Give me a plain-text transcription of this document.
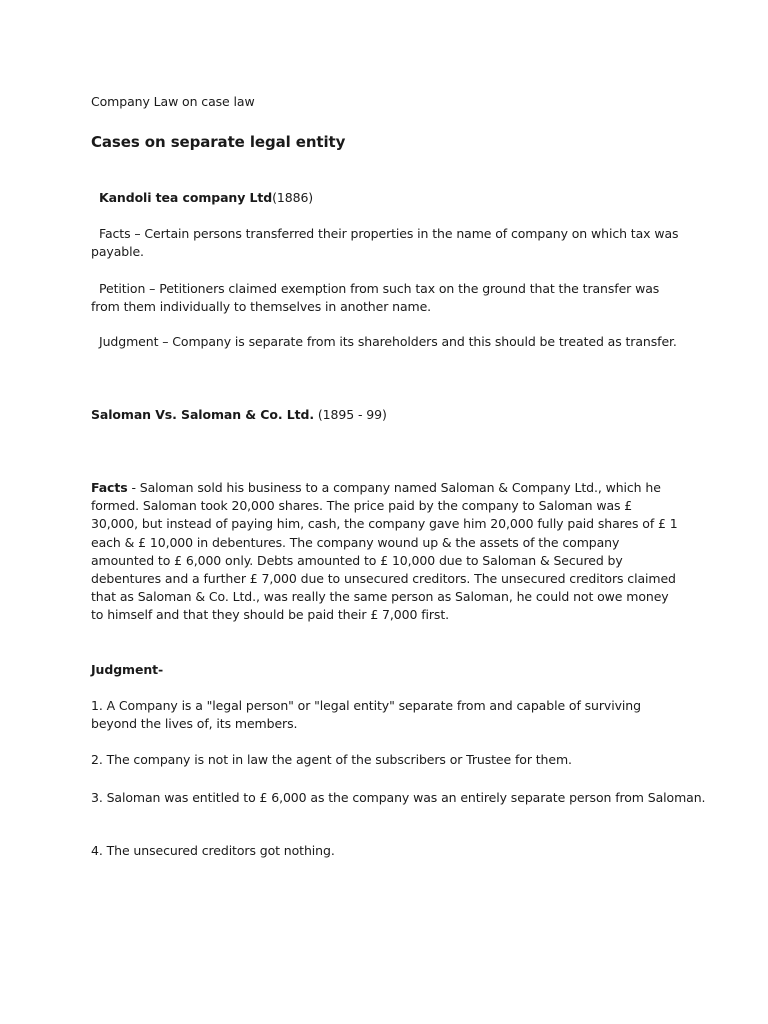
Company Law on case law
Cases on separate legal entity
Kandoli tea company Ltd(1886)
Facts – Certain persons transferred their properties in the name of company on which tax was payable.
Petition – Petitioners claimed exemption from such tax on the ground that the transfer was from them individually to themselves in another name.
Judgment – Company is separate from its shareholders and this should be treated as transfer.
Saloman Vs. Saloman & Co. Ltd. (1895 - 99)
Facts - Saloman sold his business to a company named Saloman & Company Ltd., which he formed. Saloman took 20,000 shares. The price paid by the company to Saloman was £ 30,000, but instead of paying him, cash, the company gave him 20,000 fully paid shares of £ 1 each & £ 10,000 in debentures. The company wound up & the assets of the company amounted to £ 6,000 only. Debts amounted to £ 10,000 due to Saloman & Secured by debentures and a further £ 7,000 due to unsecured creditors. The unsecured creditors claimed that as Saloman & Co. Ltd., was really the same person as Saloman, he could not owe money to himself and that they should be paid their £ 7,000 first.
Judgment-
1. A Company is a "legal person" or "legal entity" separate from and capable of surviving beyond the lives of, its members.
2. The company is not in law the agent of the subscribers or Trustee for them.
3. Saloman was entitled to £ 6,000 as the company was an entirely separate person from Saloman.
4. The unsecured creditors got nothing.
